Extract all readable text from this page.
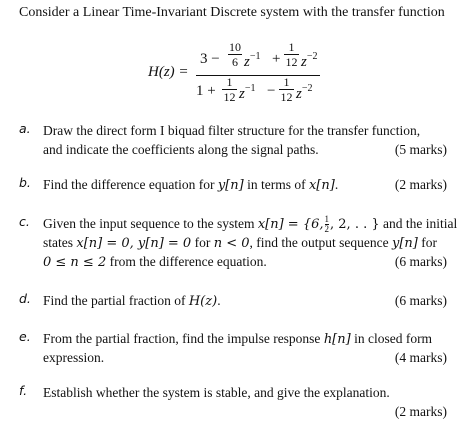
Consider a Linear Time-Invariant Discrete system with the transfer function
H(z) =
3 −
10
6 $z^{-1}$ +
1
12 $z^{-2}$
1 +
1
12 $z^{-1}$ −
1
12 $z^{-2}$
a. Draw the direct form I biquad filter structure for the transfer function,
and indicate the coefficients along the signal paths.	(5 marks)
b. Find the difference equation for y[n] in terms of x[n].	(2 marks)
c. Given the input sequence to the system x[n] = {6, $\frac{1}{2}$ , 2, . . } and the initial
states x[n] = 0, y[n] = 0 for n < 0, find the output sequence y[n] for
0 ≤ n ≤ 2 from the difference equation.	(6 marks)
d. Find the partial fraction of H(z).	(6 marks)
e. From the partial fraction, find the impulse response h[n] in closed form
expression.	(4 marks)
f. Establish whether the system is stable, and give the explanation.
(2 marks)
